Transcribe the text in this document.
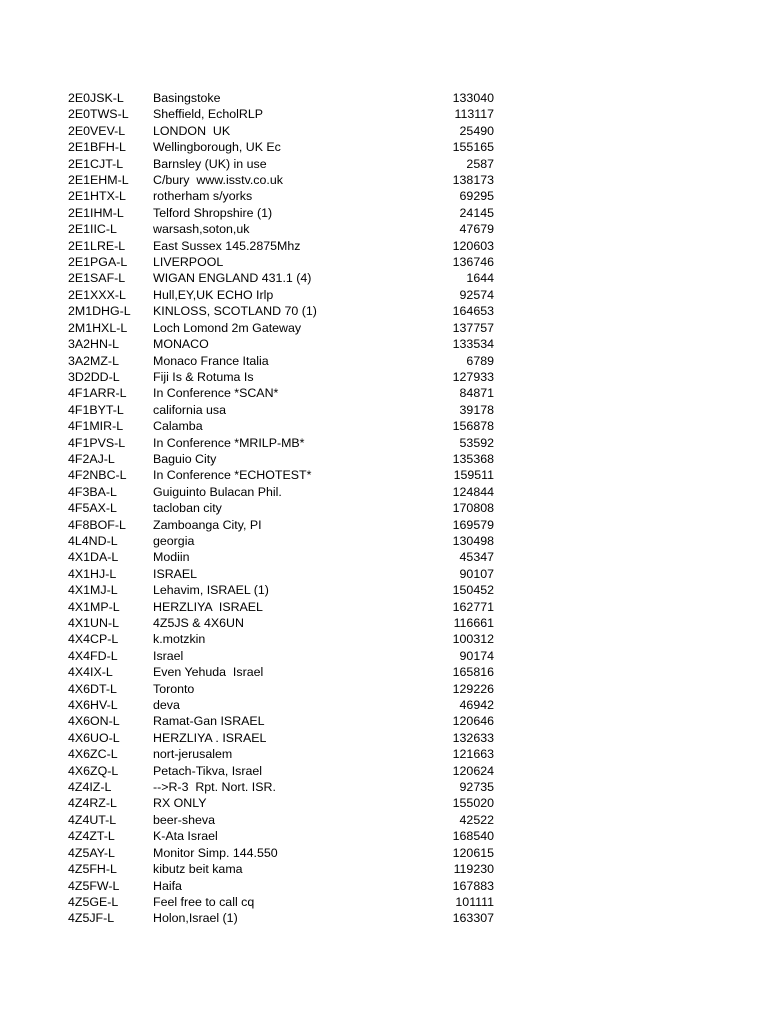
2E0JSK-L	Basingstoke	133040
2E0TWS-L	Sheffield, EcholRLP	113117
2E0VEV-L	LONDON  UK	25490
2E1BFH-L	Wellingborough, UK Ec	155165
2E1CJT-L	Barnsley (UK) in use	2587
2E1EHM-L	C/bury  www.isstv.co.uk	138173
2E1HTX-L	rotherham s/yorks	69295
2E1IHM-L	Telford Shropshire (1)	24145
2E1IIC-L	warsash,soton,uk	47679
2E1LRE-L	East Sussex 145.2875Mhz	120603
2E1PGA-L	LIVERPOOL	136746
2E1SAF-L	WIGAN ENGLAND 431.1 (4)	1644
2E1XXX-L	Hull,EY,UK ECHO Irlp	92574
2M1DHG-L	KINLOSS, SCOTLAND 70 (1)	164653
2M1HXL-L	Loch Lomond 2m Gateway	137757
3A2HN-L	MONACO	133534
3A2MZ-L	Monaco France Italia	6789
3D2DD-L	Fiji Is & Rotuma Is	127933
4F1ARR-L	In Conference *SCAN*	84871
4F1BYT-L	california usa	39178
4F1MIR-L	Calamba	156878
4F1PVS-L	In Conference *MRILP-MB*	53592
4F2AJ-L	Baguio City	135368
4F2NBC-L	In Conference *ECHOTEST*	159511
4F3BA-L	Guiguinto Bulacan Phil.	124844
4F5AX-L	tacloban city	170808
4F8BOF-L	Zamboanga City, PI	169579
4L4ND-L	georgia	130498
4X1DA-L	Modiin	45347
4X1HJ-L	ISRAEL	90107
4X1MJ-L	Lehavim, ISRAEL (1)	150452
4X1MP-L	HERZLIYA  ISRAEL	162771
4X1UN-L	4Z5JS & 4X6UN	116661
4X4CP-L	k.motzkin	100312
4X4FD-L	Israel	90174
4X4IX-L	Even Yehuda  Israel	165816
4X6DT-L	Toronto	129226
4X6HV-L	deva	46942
4X6ON-L	Ramat-Gan ISRAEL	120646
4X6UO-L	HERZLIYA . ISRAEL	132633
4X6ZC-L	nort-jerusalem	121663
4X6ZQ-L	Petach-Tikva, Israel	120624
4Z4IZ-L	-->R-3  Rpt. Nort. ISR.	92735
4Z4RZ-L	RX ONLY	155020
4Z4UT-L	beer-sheva	42522
4Z4ZT-L	K-Ata Israel	168540
4Z5AY-L	Monitor Simp. 144.550	120615
4Z5FH-L	kibutz beit kama	119230
4Z5FW-L	Haifa	167883
4Z5GE-L	Feel free to call cq	101111
4Z5JF-L	Holon,Israel (1)	163307
